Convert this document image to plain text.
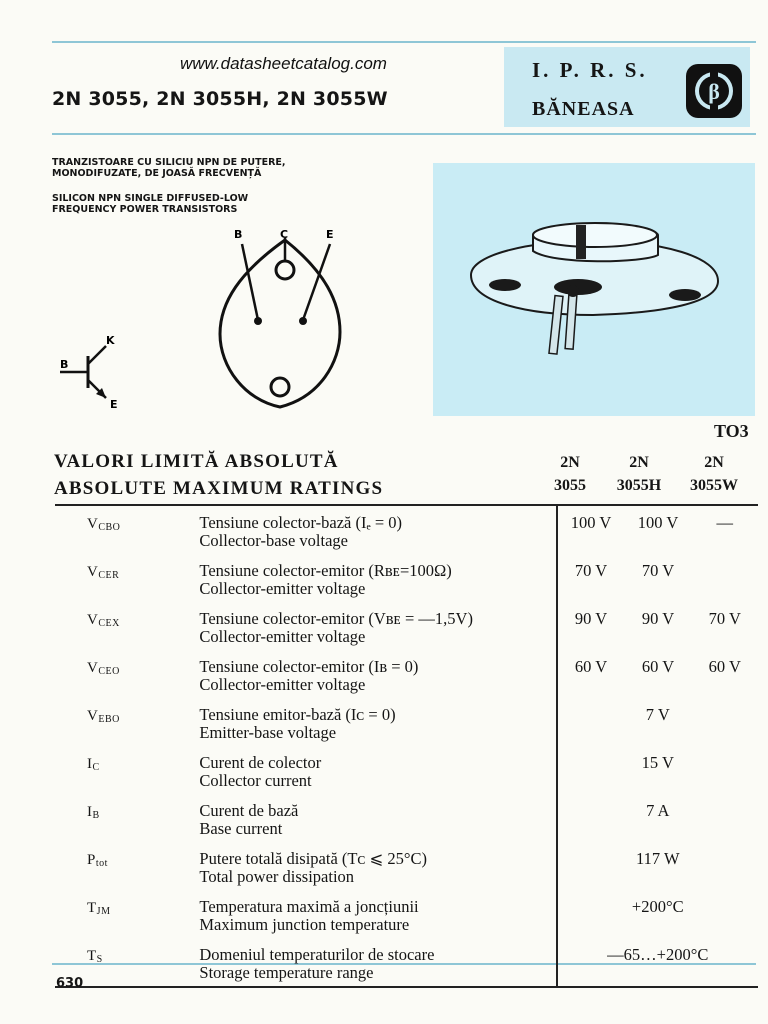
www.datasheetcatalog.com
2N 3055, 2N 3055H, 2N 3055W
I. P. R. S.
BĂNEASA
β
TRANZISTOARE CU SILICIU NPN DE PUTERE,
MONODIFUZATE, DE JOASĂ FRECVENȚĂ
SILICON NPN SINGLE DIFFUSED-LOW
FREQUENCY POWER TRANSISTORS
B	C	E
B
K
E
TO3
VALORI LIMITĂ ABSOLUTĂ
ABSOLUTE MAXIMUM RATINGS
2N
3055
2N
3055H
2N
3055W
$V_{CBO}$	Tensiune colector-bază (Iₑ = 0)
Collector-base voltage	100 V	100 V	—
$V_{CER}$	Tensiune colector-emitor (Rʙᴇ=100Ω)
Collector-emitter voltage	70 V	70 V	
$V_{CEX}$	Tensiune colector-emitor (Vʙᴇ = —1,5V)
Collector-emitter voltage	90 V	90 V	70 V
$V_{CEO}$	Tensiune colector-emitor (Iʙ = 0)
Collector-emitter voltage	60 V	60 V	60 V
$V_{EBO}$	Tensiune emitor-bază (Iᴄ = 0)
Emitter-base voltage	7 V		
$I_C$	Curent de colector
Collector current	15 V		
$I_B$	Curent de bază
Base current	7 A		
$P_{tot}$	Putere totală disipată (Tᴄ ⩽ 25°C)
Total power dissipation	117 W		
$T_{JM}$	Temperatura maximă a joncțiunii
Maximum junction temperature	+200°C		
$T_S$	Domeniul temperaturilor de stocare
Storage temperature range	—65…+200°C		
630
